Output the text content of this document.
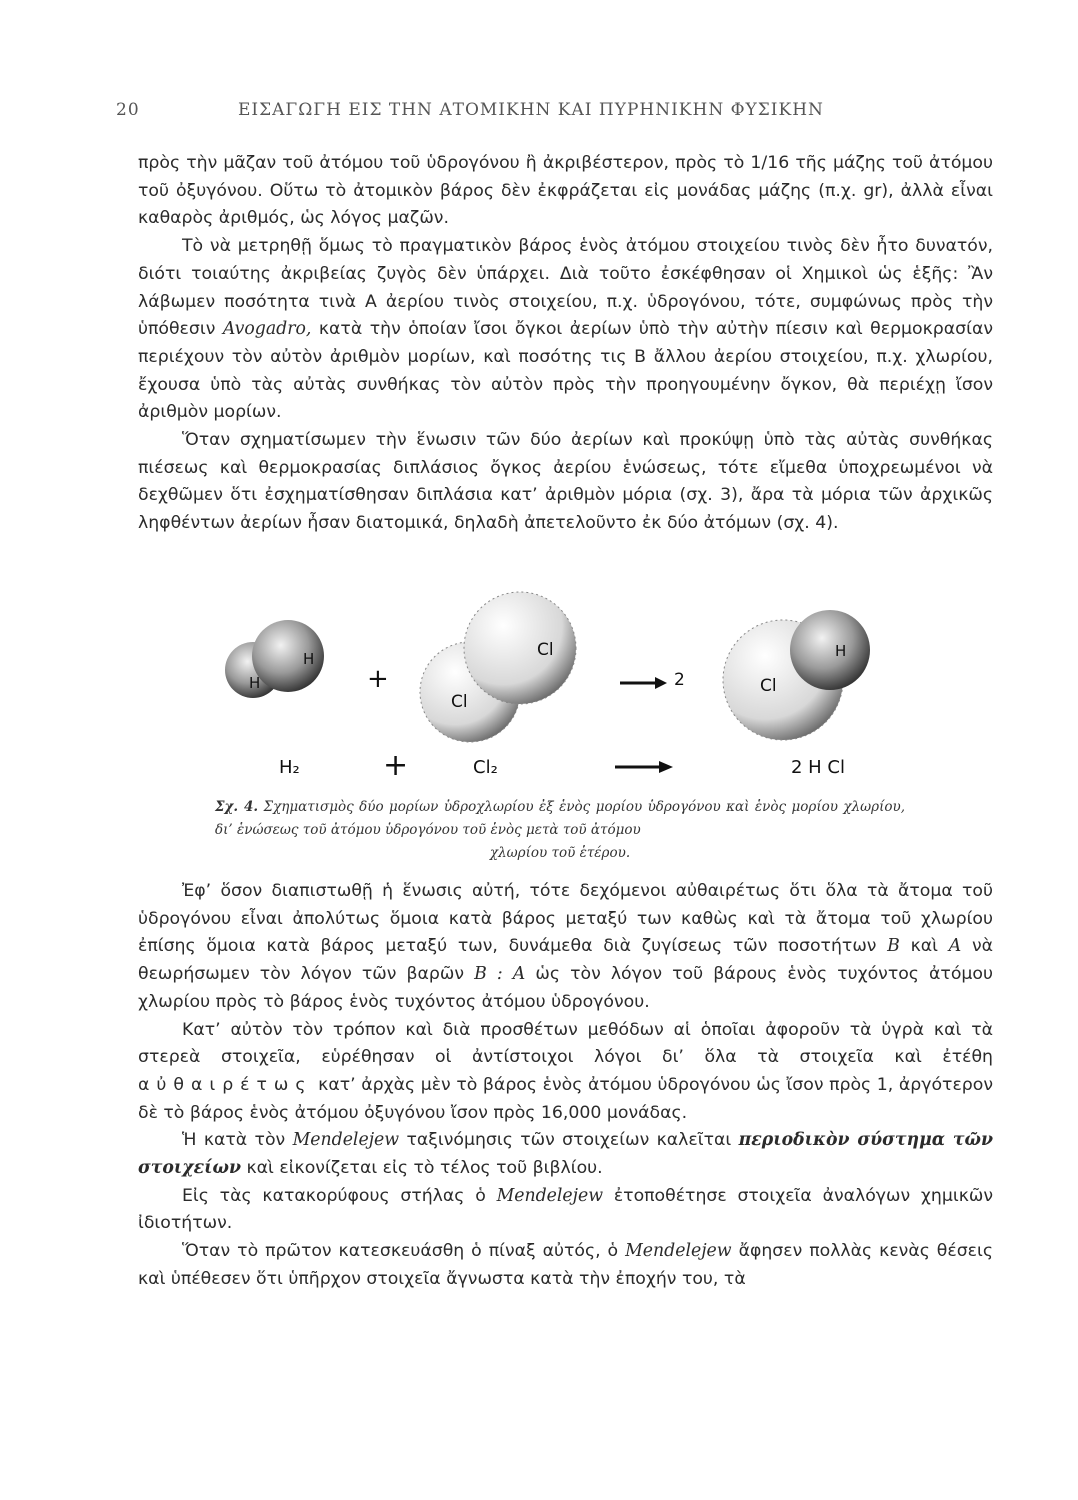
20	ΕΙΣΑΓΩΓΗ ΕΙΣ ΤΗΝ ΑΤΟΜΙΚΗΝ ΚΑΙ ΠΥΡΗΝΙΚΗΝ ΦΥΣΙΚΗΝ

πρὸς τὴν μᾶζαν τοῦ ἀτόμου τοῦ ὑδρογόνου ἢ ἀκριβέστερον, πρὸς τὸ 1/16 τῆς μάζης τοῦ ἀτόμου τοῦ ὀξυγόνου. Οὕτω τὸ ἀτομικὸν βάρος δὲν ἐκφράζεται εἰς μονάδας μάζης (π.χ. gr), ἀλλὰ εἶναι καθαρὸς ἀριθμός, ὡς λόγος μαζῶν.

Τὸ νὰ μετρηθῇ ὅμως τὸ πραγματικὸν βάρος ἑνὸς ἀτόμου στοιχείου τινὸς δὲν ἦτο δυνατόν, διότι τοιαύτης ἀκριβείας ζυγὸς δὲν ὑπάρχει. Διὰ τοῦτο ἐσκέφθησαν οἱ Χημικοὶ ὡς ἑξῆς: Ἂν λάβωμεν ποσότητα τινὰ Α ἀερίου τινὸς στοιχείου, π.χ. ὑδρογόνου, τότε, συμφώνως πρὸς τὴν ὑπόθεσιν Avogadro, κατὰ τὴν ὁποίαν ἴσοι ὄγκοι ἀερίων ὑπὸ τὴν αὐτὴν πίεσιν καὶ θερμοκρασίαν περιέχουν τὸν αὐτὸν ἀριθμὸν μορίων, καὶ ποσότης τις Β ἄλλου ἀερίου στοιχείου, π.χ. χλωρίου, ἔχουσα ὑπὸ τὰς αὐτὰς συνθήκας τὸν αὐτὸν πρὸς τὴν προηγουμένην ὄγκον, θὰ περιέχῃ ἴσον ἀριθμὸν μορίων.

Ὅταν σχηματίσωμεν τὴν ἕνωσιν τῶν δύο ἀερίων καὶ προκύψῃ ὑπὸ τὰς αὐτὰς συνθήκας πιέσεως καὶ θερμοκρασίας διπλάσιος ὄγκος ἀερίου ἑνώσεως, τότε εἴμεθα ὑποχρεωμένοι νὰ δεχθῶμεν ὅτι ἐσχηματίσθησαν διπλάσια κατ’ ἀριθμὸν μόρια (σχ. 3), ἄρα τὰ μόρια τῶν ἀρχικῶς ληφθέντων ἀερίων ἦσαν διατομικά, δηλαδὴ ἀπετελοῦντο ἐκ δύο ἀτόμων (σχ. 4).

H
H
+
Cl
Cl
2	Cl
H
H₂	+	Cl₂	2 H Cl
Σχ. 4. Σχηματισμὸς δύο μορίων ὑδροχλωρίου ἐξ ἑνὸς μορίου ὑδρογόνου καὶ ἑνὸς μορίου χλωρίου, δι’ ἑνώσεως τοῦ ἀτόμου ὑδρογόνου τοῦ ἑνὸς μετὰ τοῦ ἀτόμου
χλωρίου τοῦ ἑτέρου.

Ἐφ’ ὅσον διαπιστωθῇ ἡ ἕνωσις αὐτή, τότε δεχόμενοι αὐθαιρέτως ὅτι ὅλα τὰ ἄτομα τοῦ ὑδρογόνου εἶναι ἀπολύτως ὅμοια κατὰ βάρος μεταξύ των καθὼς καὶ τὰ ἄτομα τοῦ χλωρίου ἐπίσης ὅμοια κατὰ βάρος μεταξύ των, δυνάμεθα διὰ ζυγίσεως τῶν ποσοτήτων B καὶ A νὰ θεωρήσωμεν τὸν λόγον τῶν βαρῶν B : A ὡς τὸν λόγον τοῦ βάρους ἑνὸς τυχόντος ἀτόμου χλωρίου πρὸς τὸ βάρος ἑνὸς τυχόντος ἀτόμου ὑδρογόνου.

Κατ’ αὐτὸν τὸν τρόπον καὶ διὰ προσθέτων μεθόδων αἱ ὁποῖαι ἀφοροῦν τὰ ὑγρὰ καὶ τὰ στερεὰ στοιχεῖα, εὑρέθησαν οἱ ἀντίστοιχοι λόγοι δι’ ὅλα τὰ στοιχεῖα καὶ ἐτέθη αὐθαιρέτως κατ’ ἀρχὰς μὲν τὸ βάρος ἑνὸς ἀτόμου ὑδρογόνου ὡς ἴσον πρὸς 1, ἀργότερον δὲ τὸ βάρος ἑνὸς ἀτόμου ὀξυγόνου ἴσον πρὸς 16,000 μονάδας.

Ἡ κατὰ τὸν Mendelejew ταξινόμησις τῶν στοιχείων καλεῖται περιοδικὸν σύστημα τῶν στοιχείων καὶ εἰκονίζεται εἰς τὸ τέλος τοῦ βιβλίου.

Εἰς τὰς κατακορύφους στήλας ὁ Mendelejew ἐτοποθέτησε στοιχεῖα ἀναλόγων χημικῶν ἰδιοτήτων.

Ὅταν τὸ πρῶτον κατεσκευάσθη ὁ πίναξ αὐτός, ὁ Mendelejew ἄφησεν πολλὰς κενὰς θέσεις καὶ ὑπέθεσεν ὅτι ὑπῆρχον στοιχεῖα ἄγνωστα κατὰ τὴν ἐποχήν του, τὰ
